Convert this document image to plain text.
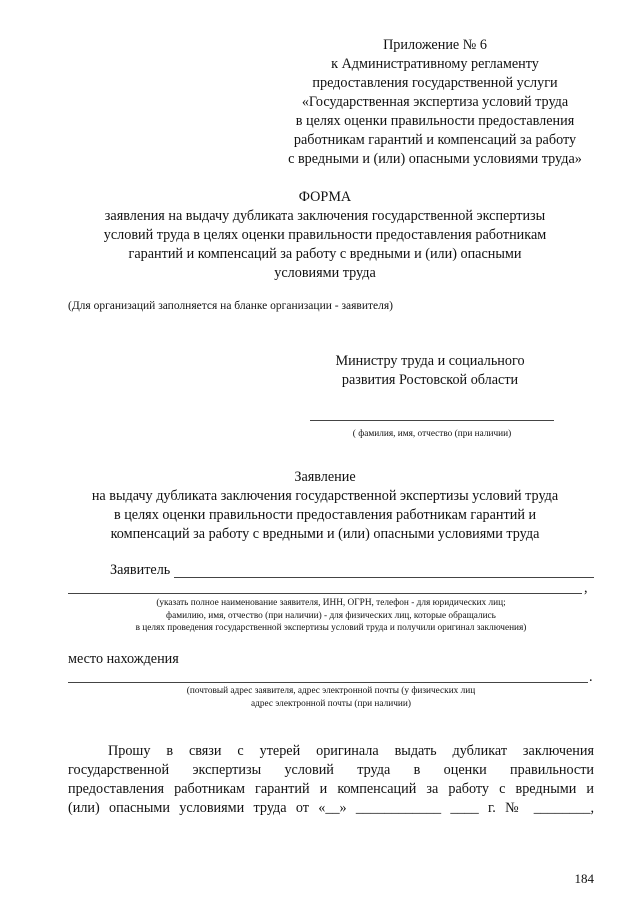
Приложение № 6
к Административному регламенту
предоставления государственной услуги
«Государственная экспертиза условий труда
в целях оценки правильности предоставления
работникам гарантий и компенсаций за работу
с вредными и (или) опасными условиями труда»
ФОРМА
заявления на выдачу дубликата заключения государственной экспертизы
условий труда в целях оценки правильности предоставления работникам
гарантий и компенсаций за работу с вредными и (или) опасными
условиями труда
(Для организаций заполняется на бланке организации - заявителя)
Министру труда и социального
развития Ростовской области
( фамилия, имя, отчество (при наличии)
Заявление
на выдачу дубликата заключения государственной экспертизы условий труда
в целях оценки правильности предоставления работникам гарантий и
компенсаций за работу с вредными и (или) опасными условиями труда
Заявитель
,
(указать полное наименование заявителя, ИНН, ОГРН, телефон - для юридических лиц;
фамилию, имя, отчество (при наличии) - для физических лиц, которые обращались
в целях проведения государственной экспертизы условий труда и получили оригинал заключения)
место нахождения
.
(почтовый адрес заявителя, адрес электронной почты (у физических лиц
адрес электронной почты (при наличии)
Прошу в связи с утерей оригинала выдать дубликат заключения
государственной экспертизы условий труда в оценки правильности
предоставления работникам гарантий и компенсаций за работу с вредными и
(или) опасными условиями труда от «__» ____________ ____ г. № ________,
184
